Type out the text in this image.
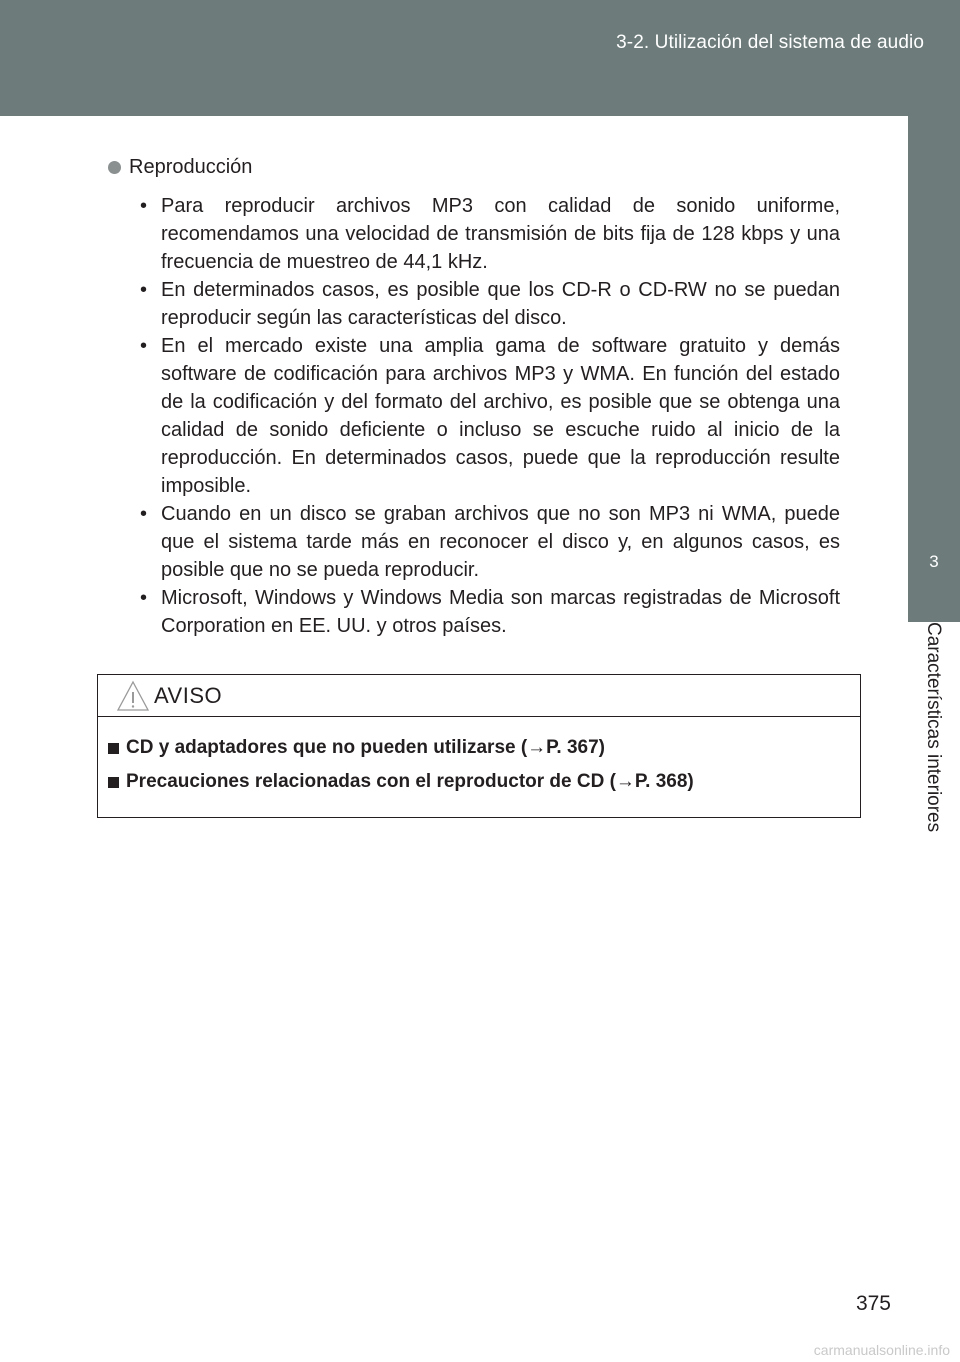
3-2. Utilización del sistema de audio
3
Características interiores
Reproducción

• Para reproducir archivos MP3 con calidad de sonido uniforme, recomendamos una velocidad de transmisión de bits fija de 128 kbps y una frecuencia de muestreo de 44,1 kHz.

• En determinados casos, es posible que los CD-R o CD-RW no se puedan reproducir según las características del disco.

• En el mercado existe una amplia gama de software gratuito y demás software de codificación para archivos MP3 y WMA. En función del estado de la codificación y del formato del archivo, es posible que se obtenga una calidad de sonido deficiente o incluso se escuche ruido al inicio de la reproducción. En determinados casos, puede que la reproducción resulte imposible.

• Cuando en un disco se graban archivos que no son MP3 ni WMA, puede que el sistema tarde más en reconocer el disco y, en algunos casos, es posible que no se pueda reproducir.

• Microsoft, Windows y Windows Media son marcas registradas de Microsoft Corporation en EE. UU. y otros países.

AVISO
CD y adaptadores que no pueden utilizarse (→P. 367)
Precauciones relacionadas con el reproductor de CD (→P. 368)
375
carmanualsonline.info
